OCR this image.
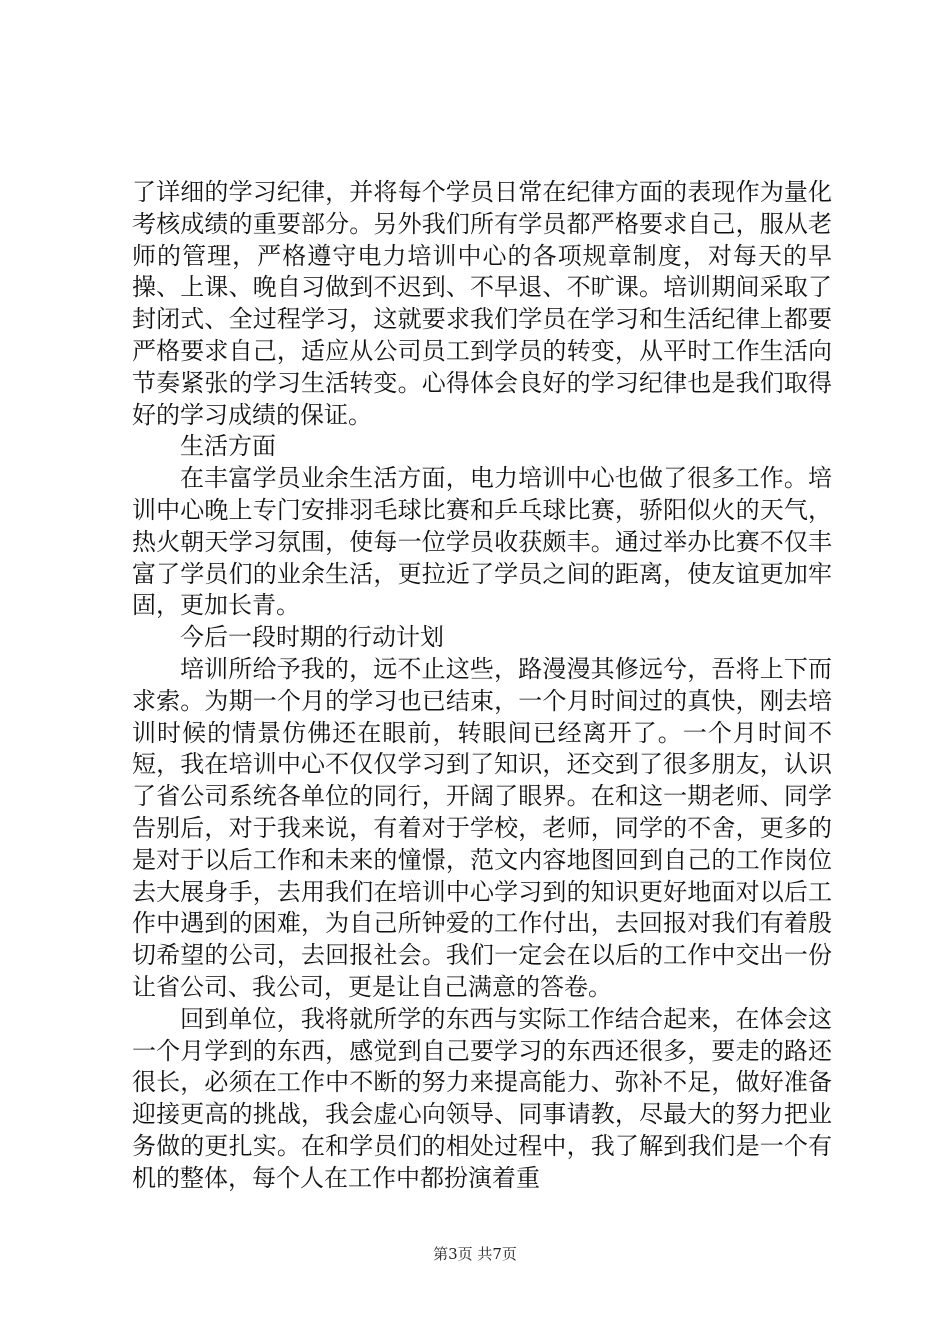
了详细的学习纪律，并将每个学员日常在纪律方面的表现作为量化考核成绩的重要部分。另外我们所有学员都严格要求自己，服从老师的管理，严格遵守电力培训中心的各项规章制度，对每天的早操、上课、晚自习做到不迟到、不早退、不旷课。培训期间采取了封闭式、全过程学习，这就要求我们学员在学习和生活纪律上都要严格要求自己，适应从公司员工到学员的转变，从平时工作生活向节奏紧张的学习生活转变。心得体会良好的学习纪律也是我们取得好的学习成绩的保证。

生活方面

在丰富学员业余生活方面，电力培训中心也做了很多工作。培训中心晚上专门安排羽毛球比赛和乒乓球比赛，骄阳似火的天气，热火朝天学习氛围，使每一位学员收获颇丰。通过举办比赛不仅丰富了学员们的业余生活，更拉近了学员之间的距离，使友谊更加牢固，更加长青。

今后一段时期的行动计划

培训所给予我的，远不止这些，路漫漫其修远兮，吾将上下而求索。为期一个月的学习也已结束，一个月时间过的真快，刚去培训时候的情景仿佛还在眼前，转眼间已经离开了。一个月时间不短，我在培训中心不仅仅学习到了知识，还交到了很多朋友，认识了省公司系统各单位的同行，开阔了眼界。在和这一期老师、同学告别后，对于我来说，有着对于学校，老师，同学的不舍，更多的是对于以后工作和未来的憧憬，范文内容地图回到自己的工作岗位去大展身手，去用我们在培训中心学习到的知识更好地面对以后工作中遇到的困难，为自己所钟爱的工作付出，去回报对我们有着殷切希望的公司，去回报社会。我们一定会在以后的工作中交出一份让省公司、我公司，更是让自己满意的答卷。

回到单位，我将就所学的东西与实际工作结合起来，在体会这一个月学到的东西，感觉到自己要学习的东西还很多，要走的路还很长，必须在工作中不断的努力来提高能力、弥补不足，做好准备迎接更高的挑战，我会虚心向领导、同事请教，尽最大的努力把业务做的更扎实。在和学员们的相处过程中，我了解到我们是一个有机的整体，每个人在工作中都扮演着重

第3页 共7页
